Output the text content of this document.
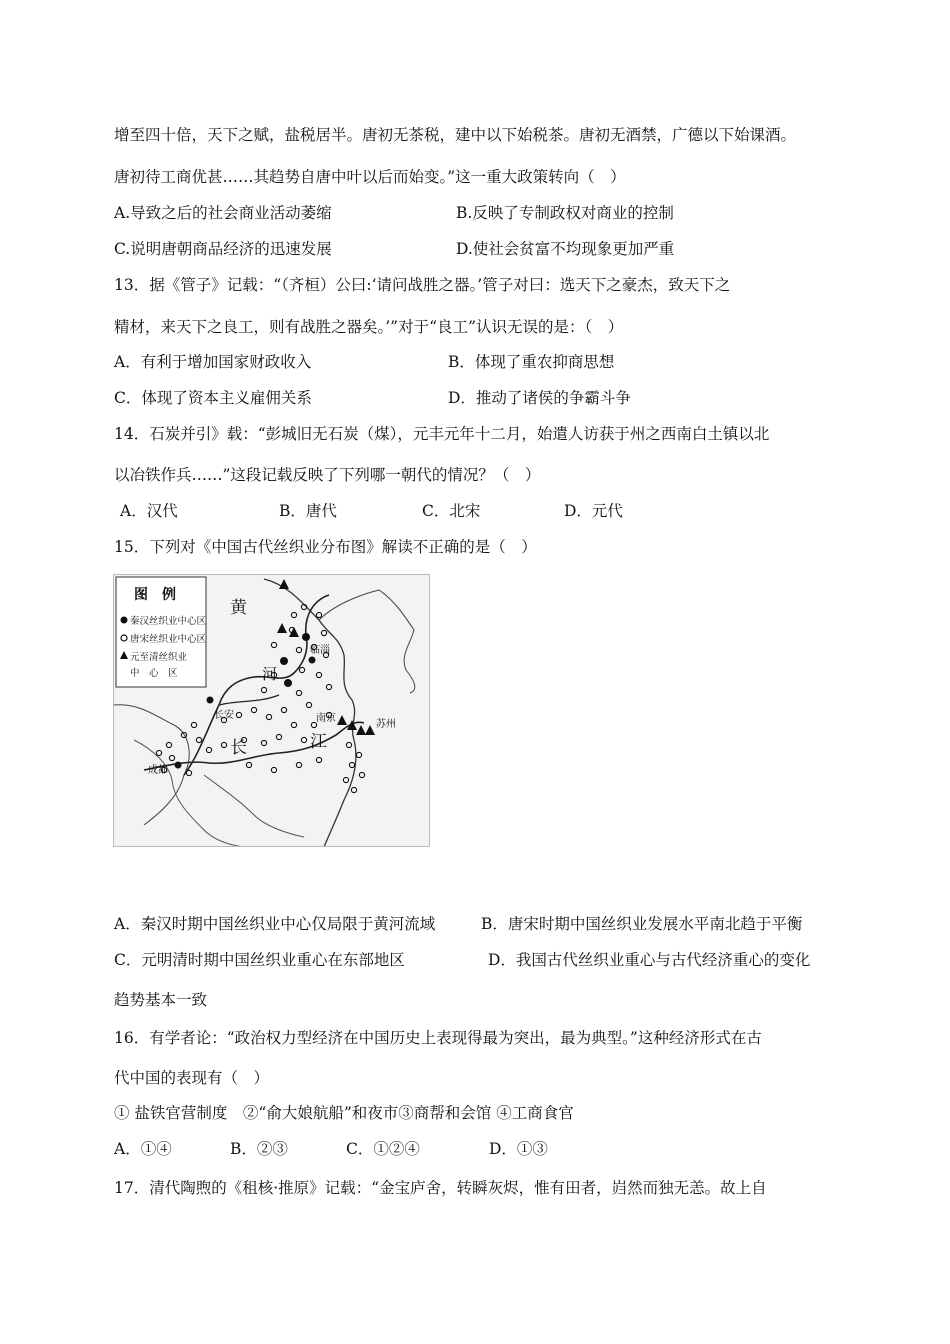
增至四十倍，天下之赋，盐税居半。唐初无茶税，建中以下始税茶。唐初无酒禁，广德以下始课酒。
唐初待工商优甚……其趋势自唐中叶以后而始变。”这一重大政策转向（　）
A.导致之后的社会商业活动萎缩	B.反映了专制政权对商业的控制
C.说明唐朝商品经济的迅速发展	D.使社会贫富不均现象更加严重
13．据《管子》记载：“（齐桓）公曰:‘请问战胜之器。’管子对曰：选天下之豪杰，致天下之
精材，来天下之良工，则有战胜之器矣。’”对于“良工”认识无误的是：（　）
A．有利于增加国家财政收入	B．体现了重农抑商思想
C．体现了资本主义雇佣关系	D．推动了诸侯的争霸斗争
14．石炭并引》载：“彭城旧无石炭（煤），元丰元年十二月，始遣人访获于州之西南白土镇以北
以冶铁作兵……”这段记载反映了下列哪一朝代的情况？（　）
A．汉代	B．唐代	C．北宋	D．元代
15．下列对《中国古代丝织业分布图》解读不正确的是（　）
图　例
秦汉丝织业中心区
唐宋丝织业中心区
元至清丝织业
中　心　区
黄
河
长	江
临淄
长安
成都
南京
苏州
A．秦汉时期中国丝织业中心仅局限于黄河流域	B．唐宋时期中国丝织业发展水平南北趋于平衡
C．元明清时期中国丝织业重心在东部地区	D．我国古代丝织业重心与古代经济重心的变化
趋势基本一致
16．有学者论：“政治权力型经济在中国历史上表现得最为突出，最为典型。”这种经济形式在古
代中国的表现有（　）
① 盐铁官营制度　②“俞大娘航船”和夜市③商帮和会馆 ④工商食官
A．①④	B．②③	C．①②④	D．①③
17．清代陶煦的《租核·推原》记载：“金宝庐舍，转瞬灰烬，惟有田者，岿然而独无恙。故上自
